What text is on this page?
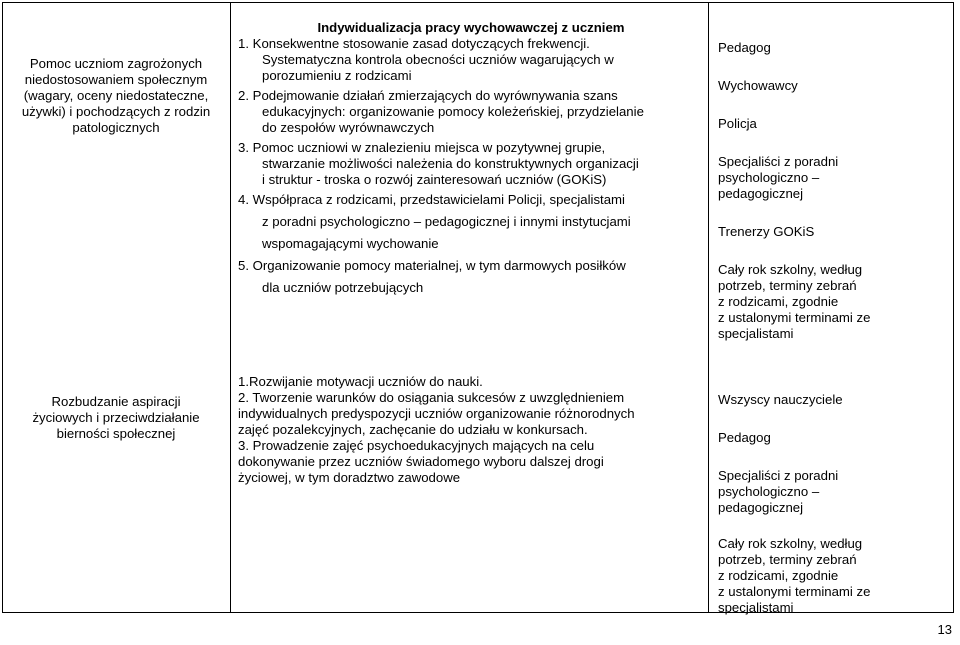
Pomoc uczniom zagrożonych

niedostosowaniem społecznym

(wagary, oceny niedostateczne,

używki) i pochodzących z rodzin

patologicznych

Rozbudzanie aspiracji

życiowych i przeciwdziałanie

bierności społecznej

Indywidualizacja pracy wychowawczej z uczniem

1. Konsekwentne stosowanie zasad dotyczących frekwencji.

Systematyczna kontrola obecności uczniów wagarujących w

porozumieniu z rodzicami

2. Podejmowanie działań zmierzających do wyrównywania szans

edukacyjnych: organizowanie pomocy koleżeńskiej, przydzielanie

do zespołów wyrównawczych

3. Pomoc uczniowi w znalezieniu miejsca w pozytywnej grupie,

stwarzanie możliwości należenia do konstruktywnych organizacji

i struktur - troska o rozwój zainteresowań uczniów (GOKiS)

4. Współpraca z rodzicami, przedstawicielami Policji, specjalistami

z poradni psychologiczno – pedagogicznej i innymi instytucjami

wspomagającymi wychowanie

5. Organizowanie pomocy materialnej, w tym darmowych posiłków

dla uczniów potrzebujących

1.Rozwijanie motywacji uczniów do nauki.

2. Tworzenie warunków do osiągania sukcesów z uwzględnieniem

indywidualnych predyspozycji uczniów organizowanie różnorodnych

zajęć pozalekcyjnych, zachęcanie do udziału w konkursach.

3. Prowadzenie zajęć psychoedukacyjnych mających na celu

dokonywanie przez uczniów świadomego wyboru dalszej drogi

życiowej, w tym doradztwo zawodowe

Pedagog

Wychowawcy

Policja

Specjaliści z poradni

psychologiczno –

pedagogicznej

Trenerzy GOKiS

Cały rok szkolny, według

potrzeb, terminy zebrań

z rodzicami, zgodnie

z ustalonymi terminami ze

specjalistami

Wszyscy nauczyciele

Pedagog

Specjaliści z poradni

psychologiczno –

pedagogicznej

Cały rok szkolny, według

potrzeb, terminy zebrań

z rodzicami, zgodnie

z ustalonymi terminami ze

specjalistami

13
